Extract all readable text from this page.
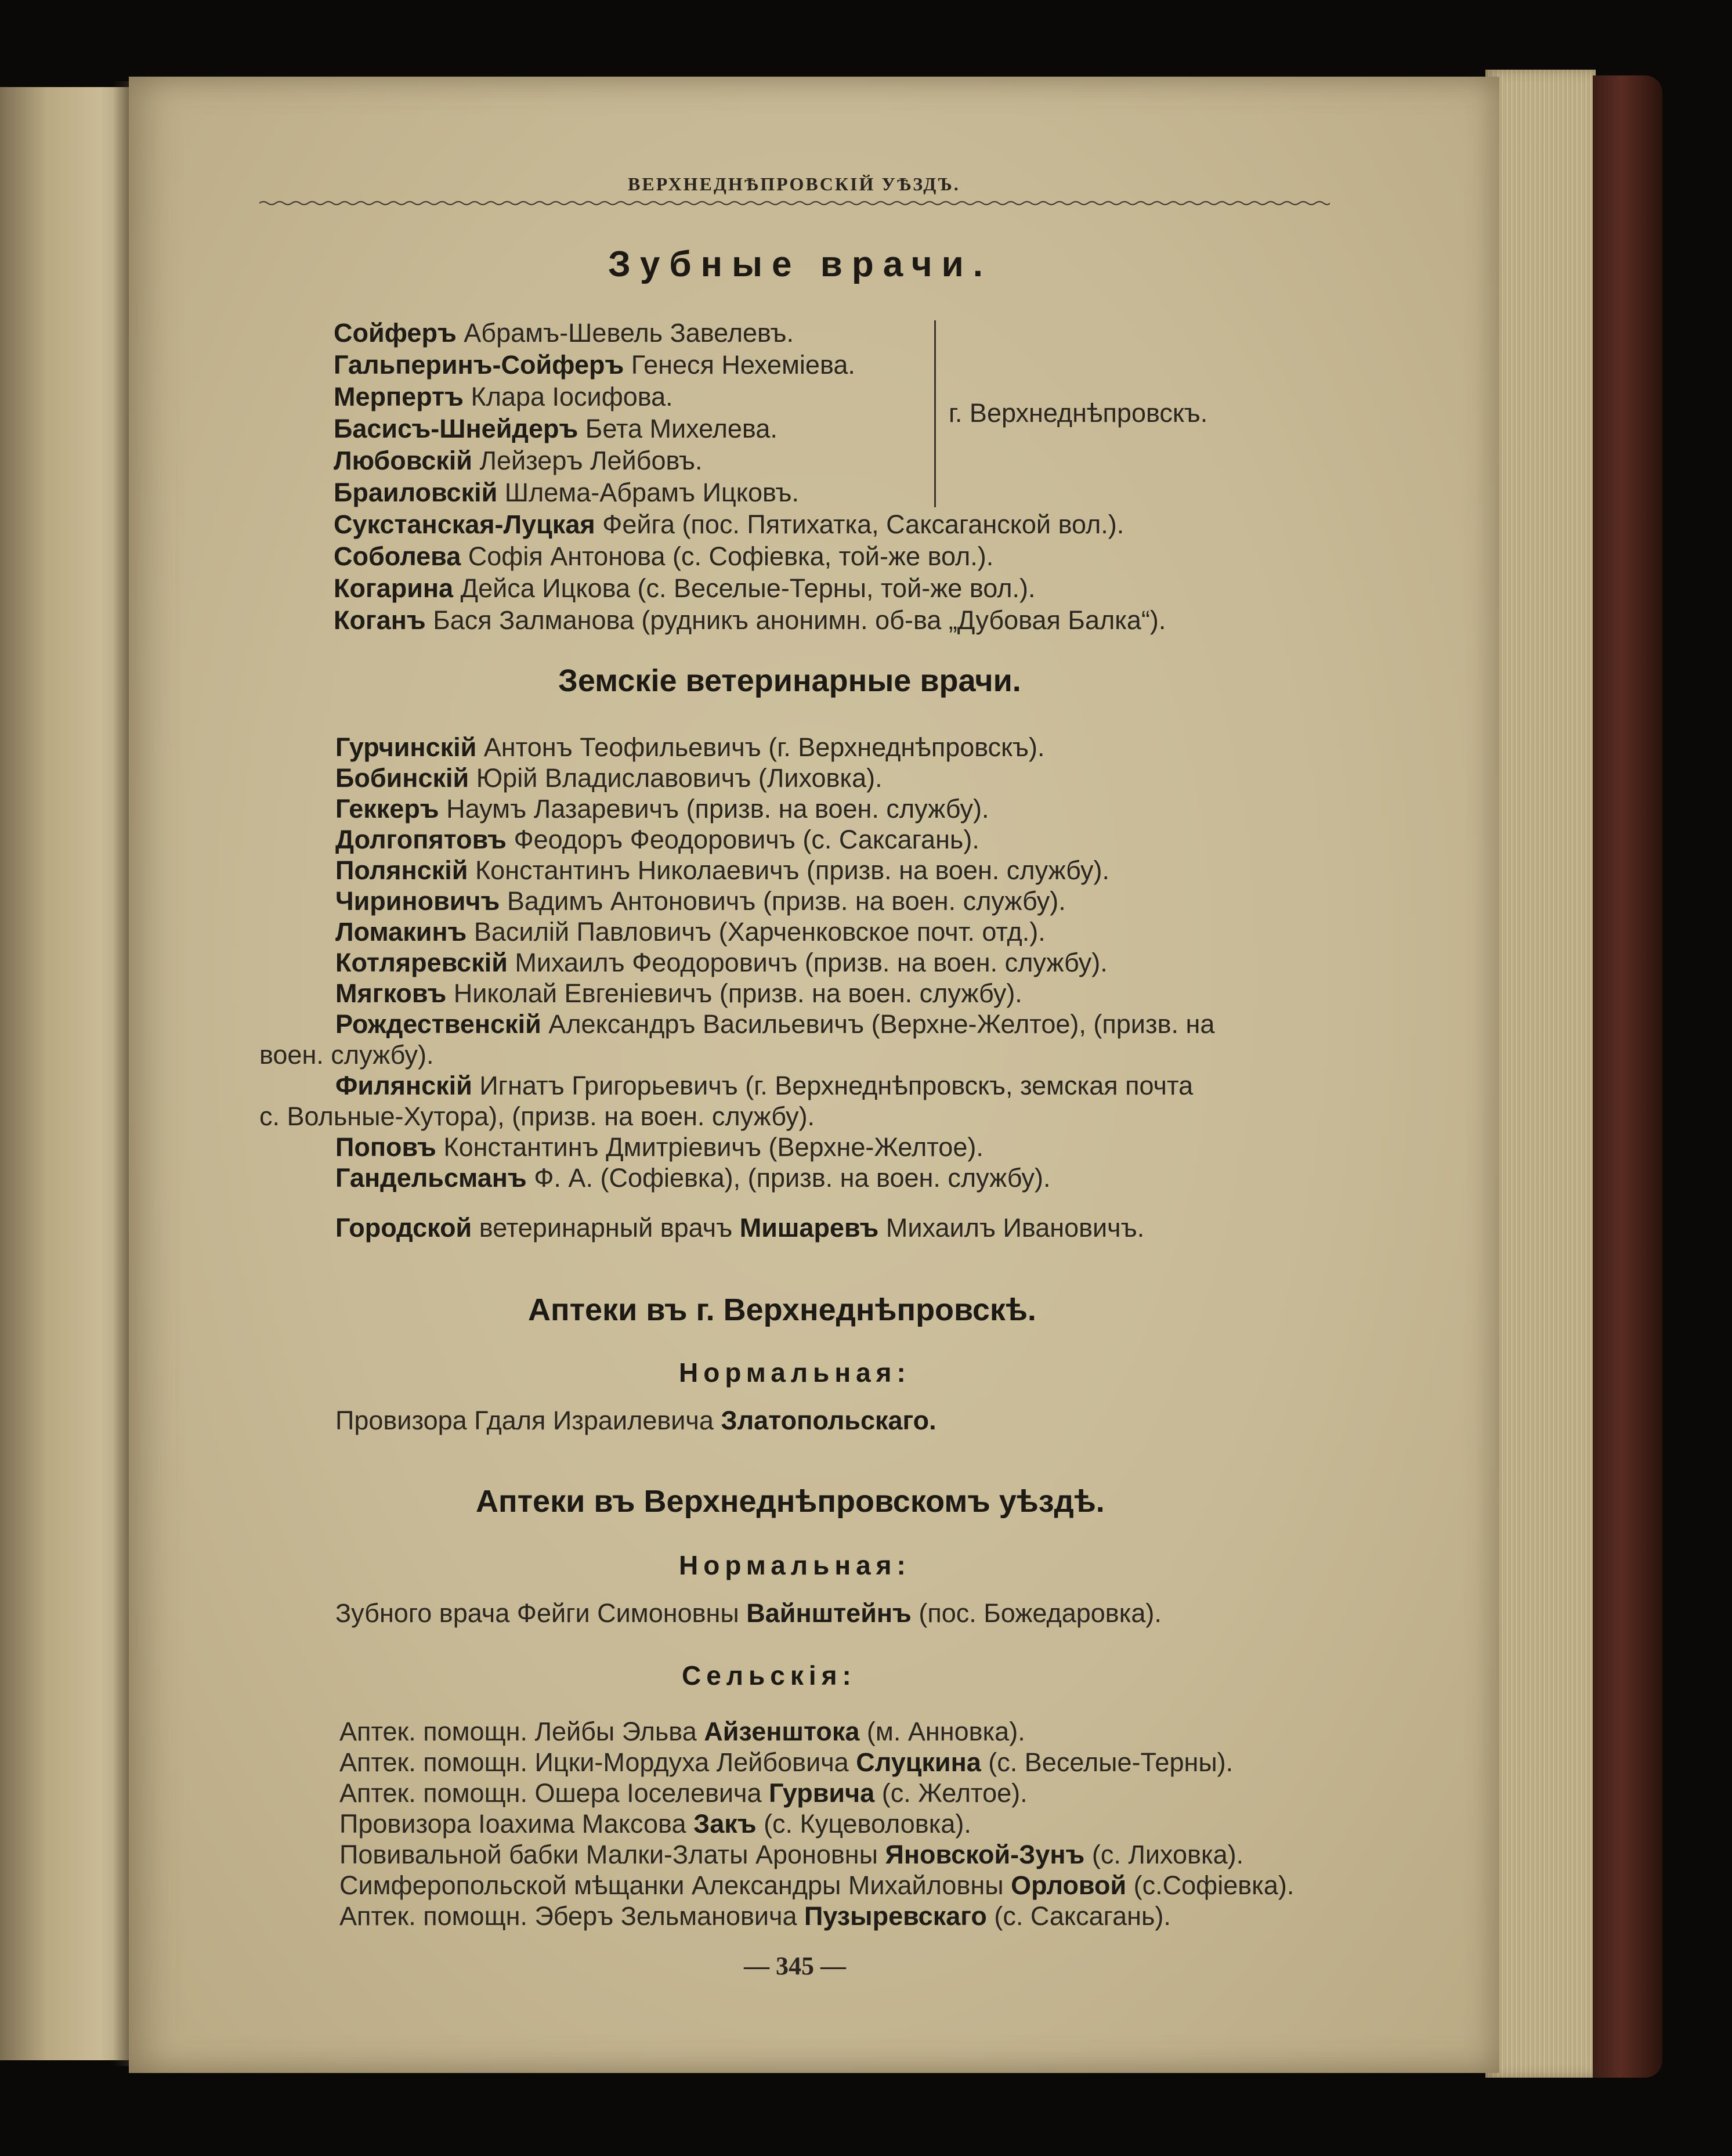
ВЕРХНЕДНѢПРОВСКІЙ УѢЗДЪ.
Зубные врачи.
Сойферъ Абрамъ-Шевель Завелевъ.
Гальперинъ-Сойферъ Генеся Нехеміева.
Мерпертъ Клара Іосифова.
Басисъ-Шнейдеръ Бета Михелева.
Любовскій Лейзеръ Лейбовъ.
Браиловскій Шлема-Абрамъ Ицковъ.
г. Верхнеднѣпровскъ.
Сукстанская-Луцкая Фейга (пос. Пятихатка, Саксаганской вол.).
Соболева Софія Антонова (с. Софіевка, той-же вол.).
Когарина Дейса Ицкова (с. Веселые-Терны, той-же вол.).
Коганъ Бася Залманова (рудникъ анонимн. об-ва „Дубовая Балка“).
Земскіе ветеринарные врачи.
Гурчинскій Антонъ Теофильевичъ (г. Верхнеднѣпровскъ).
Бобинскій Юрій Владиславовичъ (Лиховка).
Геккеръ Наумъ Лазаревичъ (призв. на воен. службу).
Долгопятовъ Феодоръ Феодоровичъ (с. Саксагань).
Полянскій Константинъ Николаевичъ (призв. на воен. службу).
Чириновичъ Вадимъ Антоновичъ (призв. на воен. службу).
Ломакинъ Василій Павловичъ (Харченковское почт. отд.).
Котляревскій Михаилъ Феодоровичъ (призв. на воен. службу).
Мягковъ Николай Евгеніевичъ (призв. на воен. службу).
Рождественскій Александръ Васильевичъ (Верхне-Желтое), (призв. на
воен. службу).
Филянскій Игнатъ Григорьевичъ (г. Верхнеднѣпровскъ, земская почта
с. Вольные-Хутора), (призв. на воен. службу).
Поповъ Константинъ Дмитріевичъ (Верхне-Желтое).
Гандельсманъ Ф. А. (Софіевка), (призв. на воен. службу).
Городской ветеринарный врачъ Мишаревъ Михаилъ Ивановичъ.
Аптеки въ г. Верхнеднѣпровскѣ.
Нормальная:
Провизора Гдаля Израилевича Златопольскаго.
Аптеки въ Верхнеднѣпровскомъ уѣздѣ.
Нормальная:
Зубного врача Фейги Симоновны Вайнштейнъ (пос. Божедаровка).
Сельскія:
Аптек. помощн. Лейбы Эльва Айзенштока (м. Анновка).
Аптек. помощн. Ицки-Мордуха Лейбовича Слуцкина (с. Веселые-Терны).
Аптек. помощн. Ошера Іоселевича Гурвича (с. Желтое).
Провизора Іоахима Максова Закъ (с. Куцеволовка).
Повивальной бабки Малки-Златы Ароновны Яновской-Зунъ (с. Лиховка).
Симферопольской мѣщанки Александры Михайловны Орловой (с.Софіевка).
Аптек. помощн. Эберъ Зельмановича Пузыревскаго (с. Саксагань).
— 345 —
